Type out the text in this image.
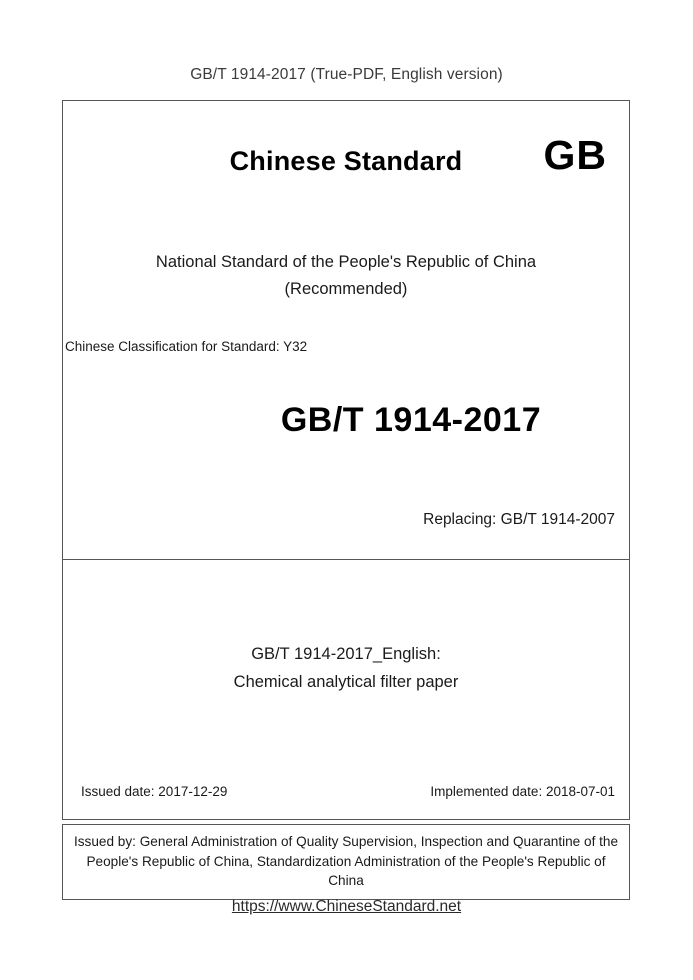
GB/T 1914-2017 (True-PDF, English version)
Chinese Standard	GB
National Standard of the People's Republic of China
(Recommended)
Chinese Classification for Standard: Y32
GB/T 1914-2017
Replacing: GB/T 1914-2007
GB/T 1914-2017_English:
Chemical analytical filter paper
Issued date: 2017-12-29	Implemented date: 2018-07-01
Issued by: General Administration of Quality Supervision, Inspection and Quarantine of the People's Republic of China, Standardization Administration of the People's Republic of China
https://www.ChineseStandard.net
